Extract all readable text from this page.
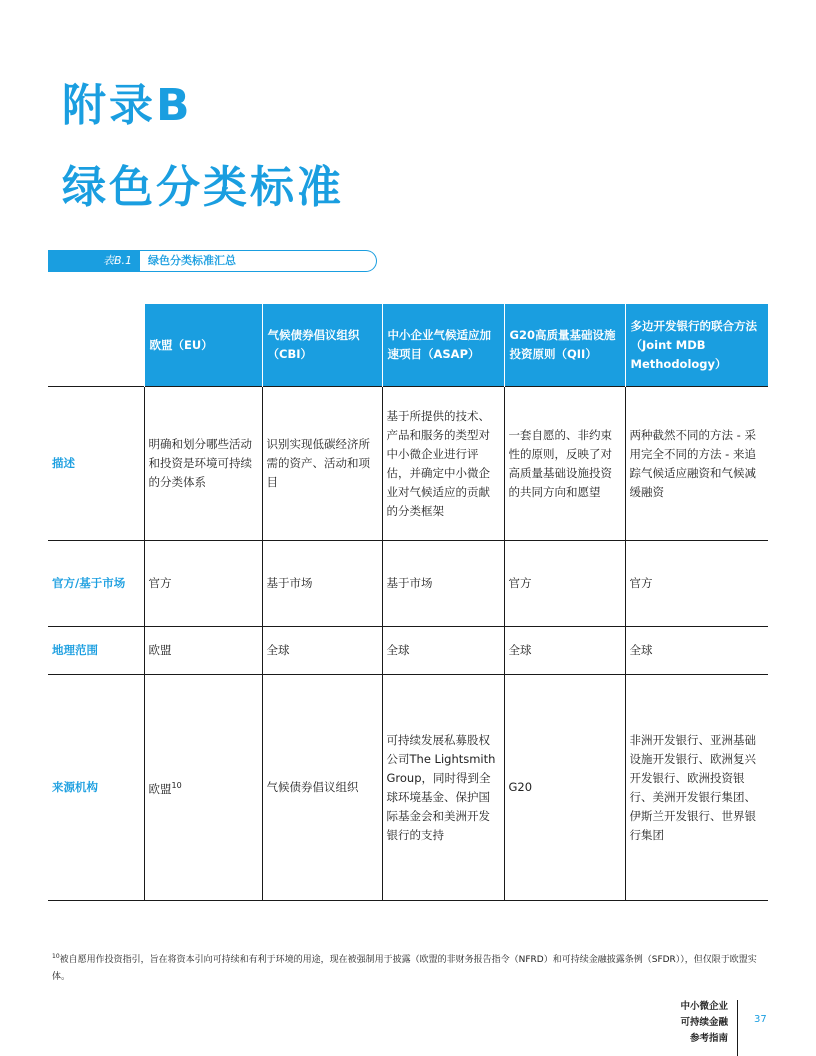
附录B
绿色分类标准
表B.1	绿色分类标准汇总
	欧盟（EU）	气候债券倡议组织（CBI）	中小企业气候适应加速项目（ASAP）	G20高质量基础设施投资原则（QII）	多边开发银行的联合方法（Joint MDB Methodology）
描述	明确和划分哪些活动和投资是环境可持续的分类体系	识别实现低碳经济所需的资产、活动和项目	基于所提供的技术、产品和服务的类型对中小微企业进行评估，并确定中小微企业对气候适应的贡献的分类框架	一套自愿的、非约束性的原则，反映了对高质量基础设施投资的共同方向和愿望	两种截然不同的方法 - 采用完全不同的方法 - 来追踪气候适应融资和气候减缓融资
官方/基于市场	官方	基于市场	基于市场	官方	官方
地理范围	欧盟	全球	全球	全球	全球
来源机构	欧盟$^{10}$	气候债券倡议组织	可持续发展私募股权公司The Lightsmith Group，同时得到全球环境基金、保护国际基金会和美洲开发银行的支持	G20	非洲开发银行、亚洲基础设施开发银行、欧洲复兴开发银行、欧洲投资银行、美洲开发银行集团、伊斯兰开发银行、世界银行集团
$^{10}$被自愿用作投资指引，旨在将资本引向可持续和有利于环境的用途，现在被强制用于披露（欧盟的非财务报告指令（NFRD）和可持续金融披露条例（SFDR）），但仅限于欧盟实体。
中小微企业
可持续金融
参考指南
37
